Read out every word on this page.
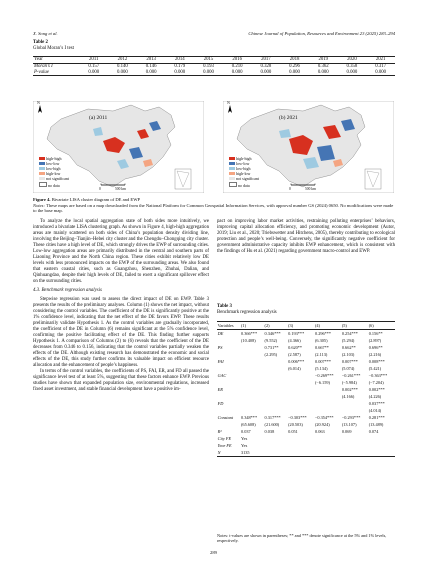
X. Song et al.	Chinese Journal of Population, Resources and Environment 23 (2025) 283–294
Table 2
Global Moran’s I test
Year	2011	2012	2013	2014	2015	2016	2017	2018	2019	2020	2021
Moran’s I	0.157	0.140	0.146	0.179	0.193	0.210	0.328	0.296	0.362	0.358	0.317
P-value	0.000	0.000	0.000	0.000	0.000	0.000	0.000	0.000	0.000	0.000	0.000
(a) 2011
N
high-high
low-low
low-high
high-low
not significant
no data
0	500 km
(b) 2021
N
high-high
low-low
low-high
high-low
not significant
no data
0	500 km
Figure 4. Bivariate LISA cluster diagram of DE and EWP
Notes: These maps are based on a map downloaded from the National Platform for Common Geospatial Information Services, with approval number GS (2024) 0650. No modifications were made to the base map.

To analyze the local spatial aggregation state of both sides more intuitively, we introduced a bivariate LISA clustering graph. As shown in Figure 4, high-high aggregation areas are mainly scattered on both sides of China’s population density dividing line, involving the Beijing–Tianjin–Hebei city cluster and the Chengdu–Chongqing city cluster. These cities have a high level of DE, which strongly drives the EWP of surrounding cities. Low-low aggregation areas are primarily distributed in the central and southern parts of Liaoning Province and the North China region. These cities exhibit relatively low DE levels with less pronounced impacts on the EWP of the surrounding areas. We also found that eastern coastal cities, such as Guangzhou, Shenzhen, Zhuhai, Dalian, and Qinhuangdao, despite their high levels of DE, failed to exert a significant spillover effect on the surrounding cities.

4.3. Benchmark regression analysis

Stepwise regression was used to assess the direct impact of DE on EWP. Table 3 presents the results of the preliminary analyses. Column (1) shows the net impact, without considering the control variables. The coefficient of the DE is significantly positive at the 1% confidence level, indicating that the net effect of the DE favors EWP. These results preliminarily validate Hypothesis 1. As the control variables are gradually incorporated, the coefficient of the DE in Column (6) remains significant at the 5% confidence level, confirming the positive facilitating effect of the DE. This finding further supports Hypothesis 1. A comparison of Columns (2) to (6) reveals that the coefficient of the DE decreases from 0.346 to 0.156, indicating that the control variables partially weaken the effects of the DE. Although existing research has demonstrated the economic and social effects of the DE, this study further confirms its valuable impact on efficient resource allocation and the enhancement of people’s happiness.

In terms of the control variables, the coefficients of PS, FAI, ER, and FD all passed the significance level test of at least 5%, suggesting that these factors enhance EWP. Previous studies have shown that expanded population size, environmental regulations, increased fixed asset investment, and stable financial development have a positive im-

pact on improving labor market activities, restraining polluting enterprises’ behaviors, improving capital allocation efficiency, and promoting economic development (Autor, 2019; Liu et al., 2020; Triebswetter and Hitchens, 2005), thereby contributing to ecological protection and people’s well-being. Conversely, the significantly negative coefficient for government administrative capacity inhibits EWP enhancement, which is consistent with the findings of Hu et al. (2021) regarding government macro-control and EWP.

Table 3
Benchmark regression analysis
Variables	(1)	(2)	(3)	(4)	(5)	(6)
DE	0.366***	0.346***	0.193***	0.296***	0.254***	0.156**
	(10.408)	(9.552)	(4.366)	(6.305)	(5.294)	(2.897)
PS		0.731**	0.620**	0.667**	0.662**	0.696**
		(2.295)	(2.587)	(2.113)	(2.103)	(2.216)
FAI			0.006***	0.007***	0.007***	0.008***
			(6.014)	(5.134)	(5.074)	(5.421)
GAC				−0.269***	−0.261***	−0.363***
				(−6.159)	(−5.984)	(−7.204)
ER					0.002***	0.002***
					(4.166)	(4.226)
FD						0.037***
						(4.014)
Constant	0.348***	0.317***	−0.303***	−0.354***	−0.293***	0.281***
	(65.608)	(21.600)	(20.503)	(20.924)	(13.107)	(13.489)
R²	0.037	0.038	0.051	0.063	0.069	0.074
City FE	Yes					
Year FE	Yes					
N	3135					
Notes: t-values are shown in parentheses; ** and *** denote significance at the 5% and 1% levels, respectively.
289
